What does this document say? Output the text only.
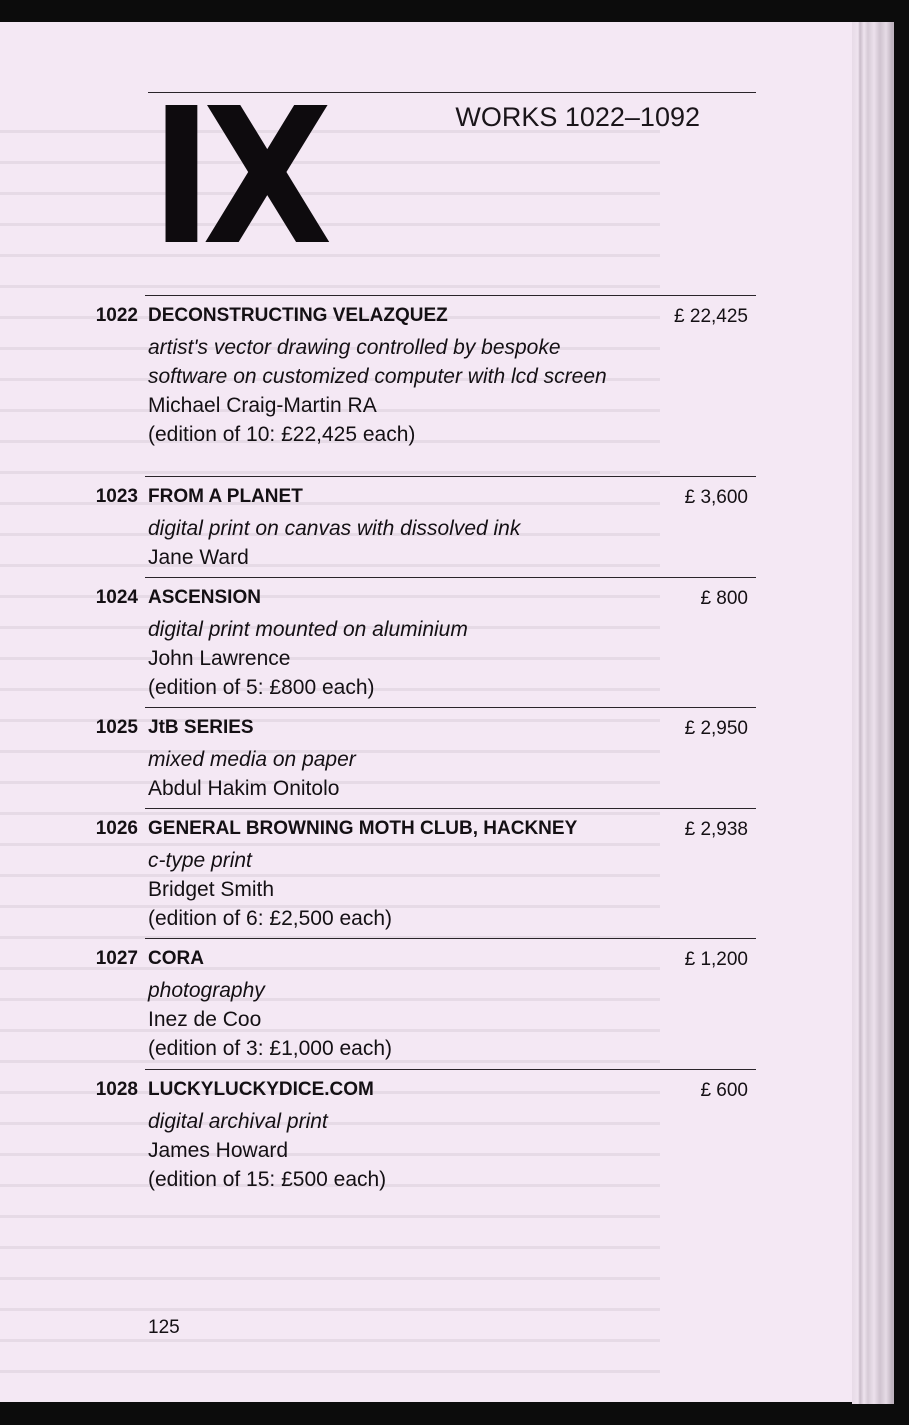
IX	WORKS 1022–1092
1022 DECONSTRUCTING VELAZQUEZ	£ 22,425
artist's vector drawing controlled by bespoke
software on customized computer with lcd screen
Michael Craig-Martin RA
(edition of 10: £22,425 each)
1023 FROM A PLANET	£ 3,600
digital print on canvas with dissolved ink
Jane Ward
1024 ASCENSION	£ 800
digital print mounted on aluminium
John Lawrence
(edition of 5: £800 each)
1025 JtB SERIES	£ 2,950
mixed media on paper
Abdul Hakim Onitolo
1026 GENERAL BROWNING MOTH CLUB, HACKNEY	£ 2,938
c-type print
Bridget Smith
(edition of 6: £2,500 each)
1027 CORA	£ 1,200
photography
Inez de Coo
(edition of 3: £1,000 each)
1028 LUCKYLUCKYDICE.COM	£ 600
digital archival print
James Howard
(edition of 15: £500 each)
125
